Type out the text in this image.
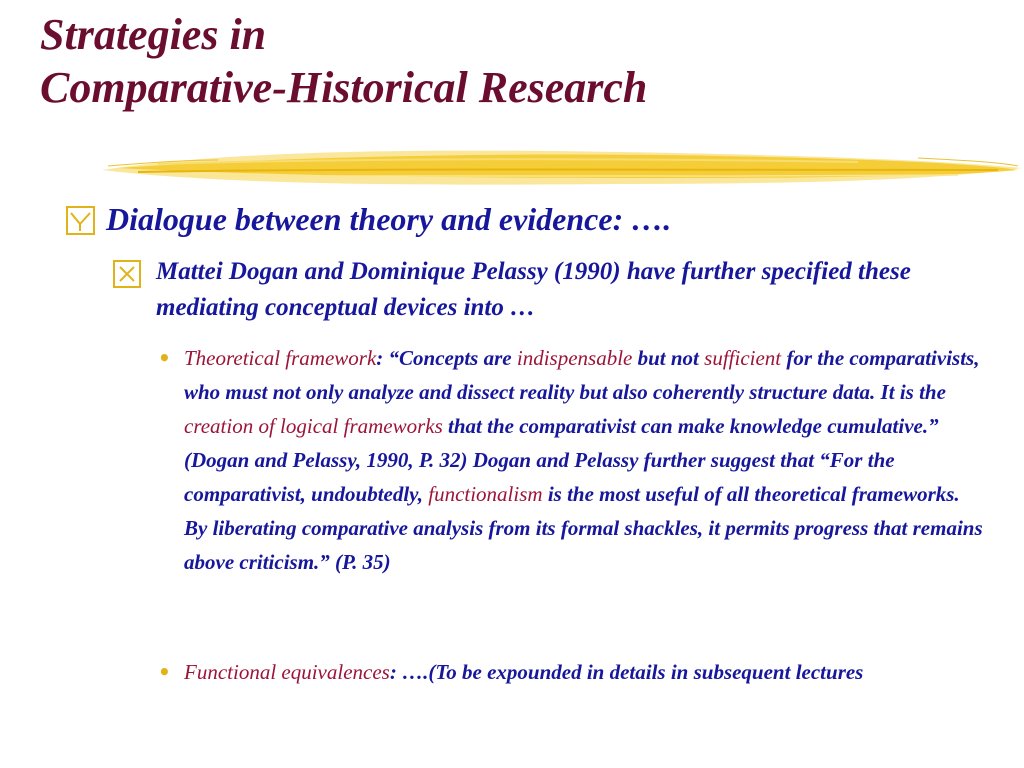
Strategies in
Comparative-Historical Research
Dialogue between theory and evidence: ….
Mattei Dogan and Dominique Pelassy (1990) have further specified these mediating conceptual devices into …
• Theoretical framework: “Concepts are indispensable but not sufficient for the comparativists, who must not only analyze and dissect reality but also coherently structure data. It is the creation of logical frameworks that the comparativist can make knowledge cumulative.” (Dogan and Pelassy, 1990, P. 32) Dogan and Pelassy further suggest that “For the comparativist, undoubtedly, functionalism is the most useful of all theoretical frameworks. By liberating comparative analysis from its formal shackles, it permits progress that remains above criticism.” (P. 35)
• Functional equivalences: ….(To be expounded in details in subsequent lectures
